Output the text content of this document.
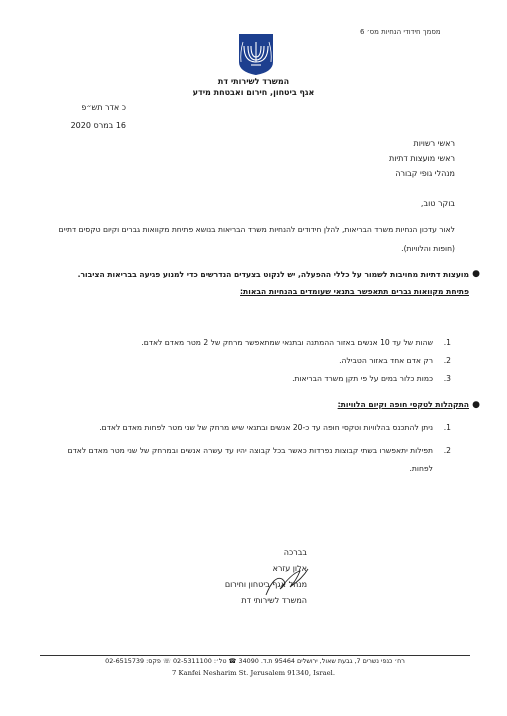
מסמך חידודי הנחיות מס׳ 6
המשרד לשירותי דת
אגף ביטחון, חירום ואבטחת מידע
כ אדר תש״פ
16 במרס 2020
ראשי רשויות
ראשי מועצות דתיות
מנהלי גופי קבורה
בוקר טוב,
לאור עדכון הנחיות משרד הבריאות, להלן חידודים להנחיות משרד הבריאות בנושא פתיחת מקוואות גברים וקיום טקסים דתיים (חופות והלוויות).
●
מועצות דתיות מחויבות לשמור על כללי ההפעלה, יש לנקוט בצעדים הנדרשים כדי למנוע פגיעה בבריאות הציבור.
פתיחת מקוואות גברים תתאפשר בתנאי שעומדים בהנחיות הבאות:
1.
שהות של עד 10 אנשים באזור ההמתנה ובתנאי שמתאפשר מרחק של 2 מטר מאדם לאדם.
2.
רק אדם אחד באזור הטבילה.
3.
כמות כלור במים על פי תקן משרד הבריאות.
●
התקהלות לטקסי חופה וקיום הלוויות:
1.
ניתן להתכנס בהלוויות וטקסי חופה עד כ-20 אנשים ובתנאי שיש מרחק של שני מטר לפחות מאדם לאדם.
2.
תפילות יתאפשרו בשתי קבוצות נפרדות כאשר בכל קבוצה יהיו עד עשרה אנשים ובמרחק של שני מטר מאדם לאדם לפחות.
בברכה
אלון עזרא
מנהל אגף ביטחון וחירום
המשרד לשירותי דת
רח׳ כנפי נשרים 7, גבעת שאול, ירושלים 95464 ת.ד. 34090 ☎ טל׳: 02-5311100 ☏ פקס: 02-6515739
7 Kanfei Nesharim St. Jerusalem 91340, Israel.
